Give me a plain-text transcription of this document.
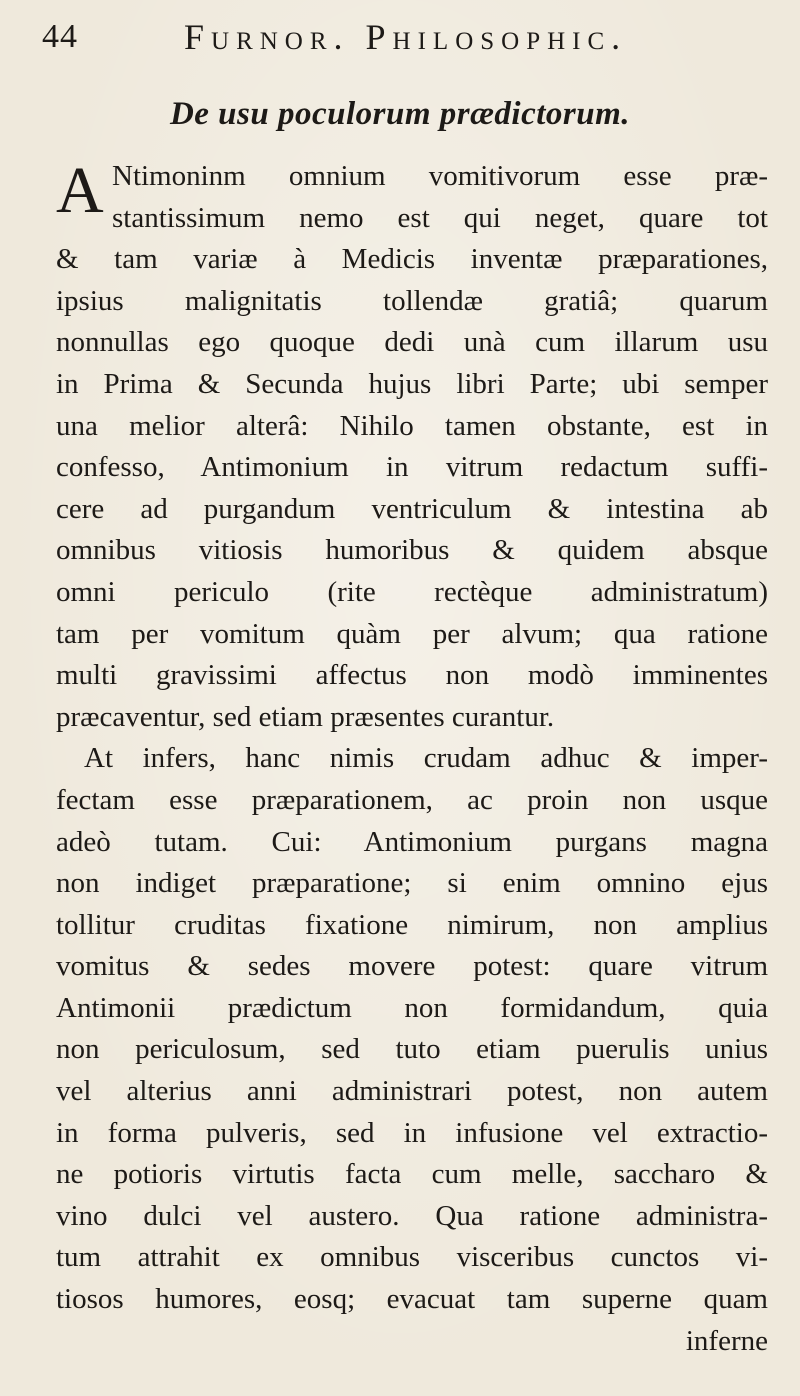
44	Furnor. Philosophic.
De usu poculorum prædictorum.
A Ntimoninm omnium vomitivorum esse præ-
stantissimum nemo est qui neget, quare tot
& tam variæ à Medicis inventæ præparationes,
ipsius malignitatis tollendæ gratiâ; quarum
nonnullas ego quoque dedi unà cum illarum usu
in Prima & Secunda hujus libri Parte; ubi semper
una melior alterâ: Nihilo tamen obstante, est in
confesso, Antimonium in vitrum redactum suffi-
cere ad purgandum ventriculum & intestina ab
omnibus vitiosis humoribus & quidem absque
omni periculo (rite rectèque administratum)
tam per vomitum quàm per alvum; qua ratione
multi gravissimi affectus non modò imminentes
præcaventur, sed etiam præsentes curantur.
At infers, hanc nimis crudam adhuc & imper-
fectam esse præparationem, ac proin non usque
adeò tutam. Cui: Antimonium purgans magna
non indiget præparatione; si enim omnino ejus
tollitur cruditas fixatione nimirum, non amplius
vomitus & sedes movere potest: quare vitrum
Antimonii prædictum non formidandum, quia
non periculosum, sed tuto etiam puerulis unius
vel alterius anni administrari potest, non autem
in forma pulveris, sed in infusione vel extractio-
ne potioris virtutis facta cum melle, saccharo &
vino dulci vel austero. Qua ratione administra-
tum attrahit ex omnibus visceribus cunctos vi-
tiosos humores, eosq; evacuat tam superne quam
inferne
